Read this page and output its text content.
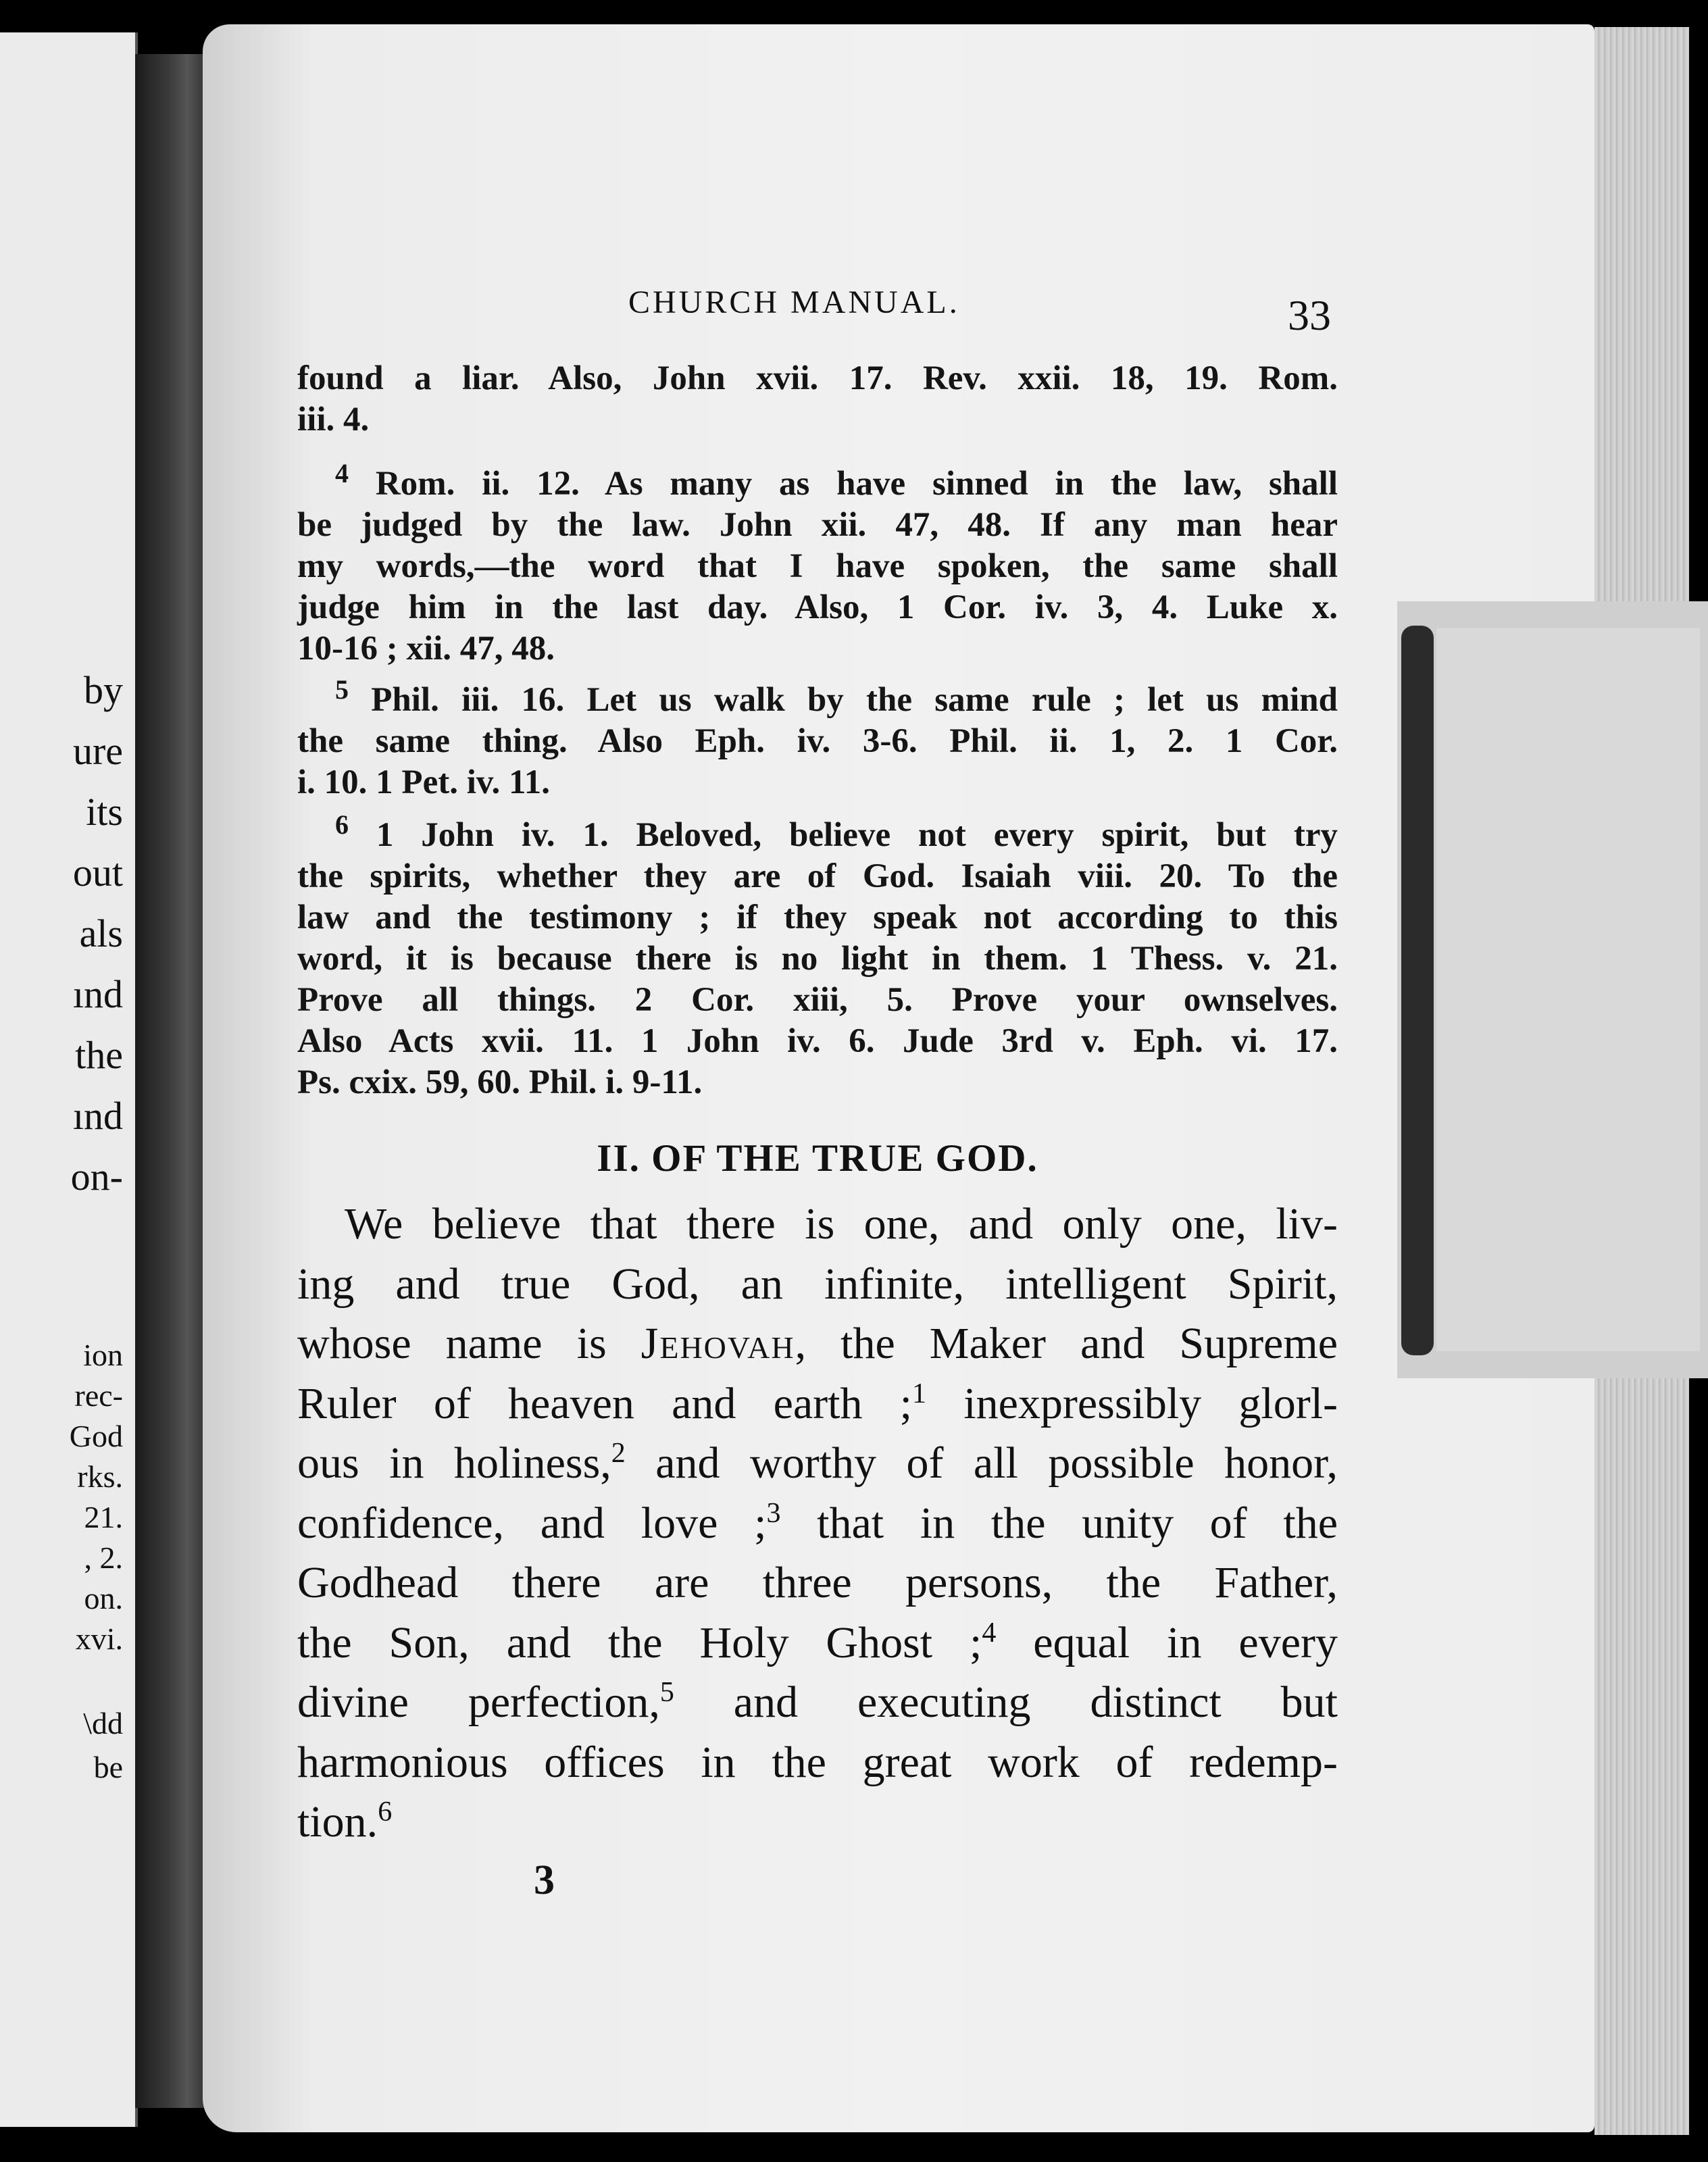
by
ure
its
out
als
ınd
the
ınd
on-
ion
rec-
God
rks.
21.
, 2.
on.
xvi.
\dd
be
CHURCH MANUAL.	33
found a liar. Also, John xvii. 17. Rev. xxii. 18, 19. Rom.
iii. 4.
$^4$ Rom. ii. 12. As many as have sinned in the law, shall
be judged by the law. John xii. 47, 48. If any man hear
my words,—the word that I have spoken, the same shall
judge him in the last day. Also, 1 Cor. iv. 3, 4. Luke x.
10-16 ; xii. 47, 48.
$^5$ Phil. iii. 16. Let us walk by the same rule ; let us mind
the same thing. Also Eph. iv. 3-6. Phil. ii. 1, 2. 1 Cor.
i. 10. 1 Pet. iv. 11.
$^6$ 1 John iv. 1. Beloved, believe not every spirit, but try
the spirits, whether they are of God. Isaiah viii. 20. To the
law and the testimony ; if they speak not according to this
word, it is because there is no light in them. 1 Thess. v. 21.
Prove all things. 2 Cor. xiii, 5. Prove your ownselves.
Also Acts xvii. 11. 1 John iv. 6. Jude 3rd v. Eph. vi. 17.
Ps. cxix. 59, 60. Phil. i. 9-11.
II. OF THE TRUE GOD.
We believe that there is one, and only one, liv-
ing and true God, an infinite, intelligent Spirit,
whose name is Jehovah, the Maker and Supreme
Ruler of heaven and earth ;$^1$ inexpressibly glorl-
ous in holiness,$^2$ and worthy of all possible honor,
confidence, and love ;$^3$ that in the unity of the
Godhead there are three persons, the Father,
the Son, and the Holy Ghost ;$^4$ equal in every
divine perfection,$^5$ and executing distinct but
harmonious offices in the great work of redemp-
tion.$^6$
3
